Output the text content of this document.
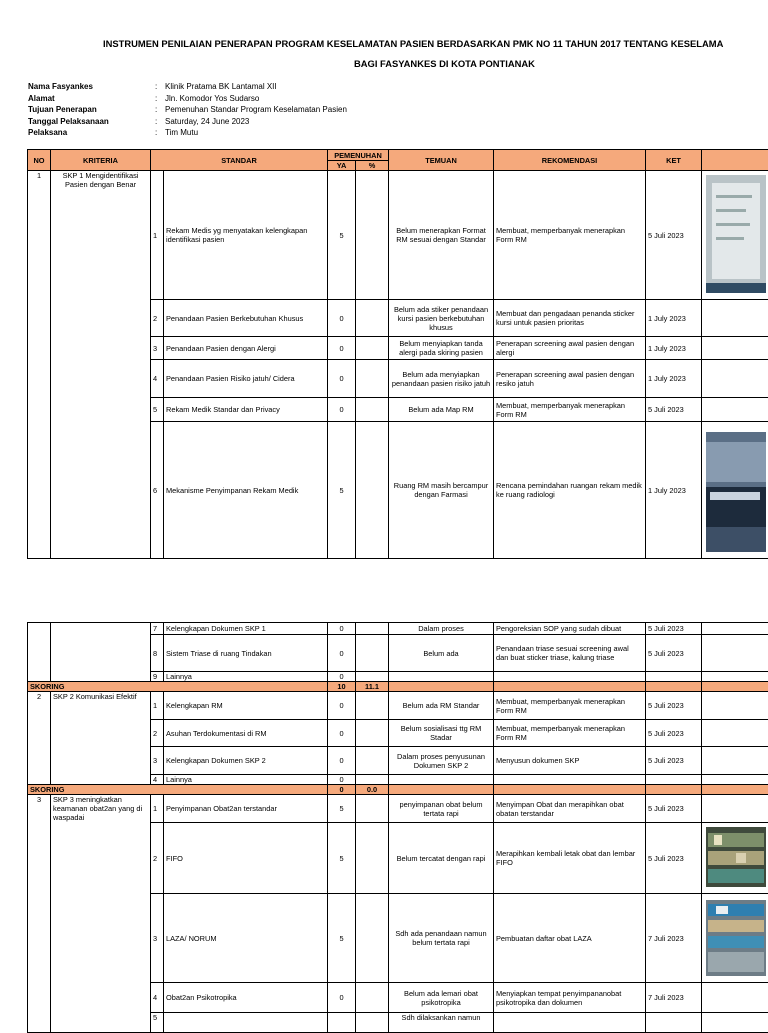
INSTRUMEN PENILAIAN PENERAPAN PROGRAM KESELAMATAN PASIEN BERDASARKAN PMK NO 11 TAHUN 2017 TENTANG KESELAMA
BAGI FASYANKES DI KOTA PONTIANAK
Nama Fasyankes	: Klinik Pratama BK Lantamal XII
Alamat	: Jln. Komodor Yos Sudarso
Tujuan Penerapan	: Pemenuhan Standar Program Keselamatan Pasien
Tanggal Pelaksanaan	: Saturday, 24 June 2023
Pelaksana	: Tim Mutu
NO	KRITERIA	STANDAR		PEMENUHAN		TEMUAN	REKOMENDASI	KET	
				YA	%				
1	SKP 1 Mengidentifikasi Pasien dengan Benar	1	Rekam Medis yg menyatakan kelengkapan identifikasi pasien	5		Belum menerapkan Format RM sesuai dengan Standar	Membuat, memperbanyak menerapkan Form RM	5 Juli 2023	
		2	Penandaan Pasien Berkebutuhan Khusus	0		Belum ada stiker penandaan kursi pasien berkebutuhan khusus	Membuat dan pengadaan penanda sticker kursi untuk pasien prioritas	1 July 2023	
		3	Penandaan Pasien dengan Alergi	0		Belum menyiapkan tanda alergi pada skiring pasien	Penerapan screening awal pasien dengan alergi	1 July 2023	
		4	Penandaan Pasien Risiko jatuh/ Cidera	0		Belum ada menyiapkan penandaan pasien risiko jatuh	Penerapan screening awal pasien dengan resiko jatuh	1 July 2023	
		5	Rekam Medik Standar dan Privacy	0		Belum ada Map RM	Membuat, memperbanyak menerapkan Form RM	5 Juli 2023	
		6	Mekanisme Penyimpanan Rekam Medik	5		Ruang RM masih bercampur dengan Farmasi	Rencana pemindahan ruangan rekam medik ke ruang radiologi	1 July 2023	
		7	Kelengkapan Dokumen SKP 1	0		Dalam proses	Pengoreksian SOP yang sudah dibuat	5 Juli 2023	
		8	Sistem Triase di ruang Tindakan	0		Belum ada	Penandaan triase sesuai screening awal dan buat sticker triase, kalung triase	5 Juli 2023	
		9	Lainnya	0					
SKORING				10	11.1				
2	SKP 2 Komunikasi Efektif	1	Kelengkapan RM	0		Belum ada RM Standar	Membuat, memperbanyak menerapkan Form RM	5 Juli 2023	
		2	Asuhan Terdokumentasi di RM	0		Belum sosialisasi ttg RM Stadar	Membuat, memperbanyak menerapkan Form RM	5 Juli 2023	
		3	Kelengkapan Dokumen SKP 2	0		Dalam proses penyusunan Dokumen SKP 2	Menyusun dokumen SKP	5 Juli 2023	
		4	Lainnya	0					
SKORING				0	0.0				
3	SKP 3 meningkatkan keamanan obat2an yang di waspadai	1	Penyimpanan Obat2an terstandar	5		penyimpanan obat belum tertata rapi	Menyimpan Obat dan merapihkan obat obatan terstandar	5 Juli 2023	
		2	FIFO	5		Belum tercatat dengan rapi	Merapihkan kembali letak obat dan lembar FIFO	5 Juli 2023	
		3	LAZA/ NORUM	5		Sdh ada penandaan namun belum tertata rapi	Pembuatan daftar obat LAZA	7 Juli 2023	
		4	Obat2an Psikotropika	0		Belum ada lemari obat psikotropika	Menyiapkan tempat penyimpananobat psikotropika dan dokumen	7 Juli 2023	
		5				Sdh dilaksankan namun			
